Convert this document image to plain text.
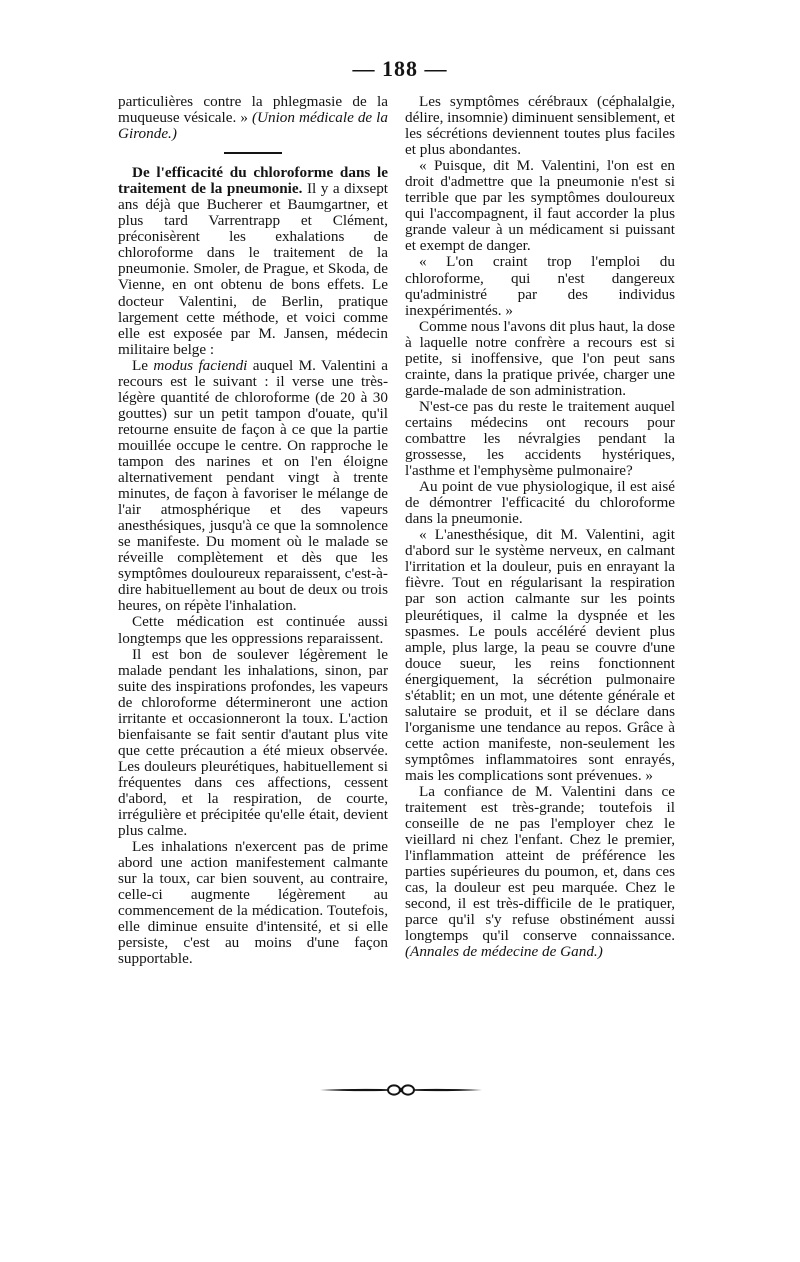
— 188 —

particulières contre la phlegmasie de la muqueuse vésicale. » (Union médicale de la Gironde.)

De l'efficacité du chloroforme dans le traitement de la pneumonie. Il y a dixsept ans déjà que Bucherer et Baumgartner, et plus tard Varrentrapp et Clément, préconisèrent les exhalations de chloroforme dans le traitement de la pneumonie. Smoler, de Prague, et Skoda, de Vienne, en ont obtenu de bons effets. Le docteur Valentini, de Berlin, pratique largement cette méthode, et voici comme elle est exposée par M. Jansen, médecin militaire belge :

Le modus faciendi auquel M. Valentini a recours est le suivant : il verse une très-légère quantité de chloroforme (de 20 à 30 gouttes) sur un petit tampon d'ouate, qu'il retourne ensuite de façon à ce que la partie mouillée occupe le centre. On rapproche le tampon des narines et on l'en éloigne alternativement pendant vingt à trente minutes, de façon à favoriser le mélange de l'air atmosphérique et des vapeurs anesthésiques, jusqu'à ce que la somnolence se manifeste. Du moment où le malade se réveille complètement et dès que les symptômes douloureux reparaissent, c'est-à-dire habituellement au bout de deux ou trois heures, on répète l'inhalation.

Cette médication est continuée aussi longtemps que les oppressions reparaissent.

Il est bon de soulever légèrement le malade pendant les inhalations, sinon, par suite des inspirations profondes, les vapeurs de chloroforme détermineront une action irritante et occasionneront la toux. L'action bienfaisante se fait sentir d'autant plus vite que cette précaution a été mieux observée. Les douleurs pleurétiques, habituellement si fréquentes dans ces affections, cessent d'abord, et la respiration, de courte, irrégulière et précipitée qu'elle était, devient plus calme.

Les inhalations n'exercent pas de prime abord une action manifestement calmante sur la toux, car bien souvent, au contraire, celle-ci augmente légèrement au commencement de la médication. Toutefois, elle diminue ensuite d'intensité, et si elle persiste, c'est au moins d'une façon supportable.

Les symptômes cérébraux (céphalalgie, délire, insomnie) diminuent sensiblement, et les sécrétions deviennent toutes plus faciles et plus abondantes.

« Puisque, dit M. Valentini, l'on est en droit d'admettre que la pneumonie n'est si terrible que par les symptômes douloureux qui l'accompagnent, il faut accorder la plus grande valeur à un médicament si puissant et exempt de danger.

« L'on craint trop l'emploi du chloroforme, qui n'est dangereux qu'administré par des individus inexpérimentés. »

Comme nous l'avons dit plus haut, la dose à laquelle notre confrère a recours est si petite, si inoffensive, que l'on peut sans crainte, dans la pratique privée, charger une garde-malade de son administration.

N'est-ce pas du reste le traitement auquel certains médecins ont recours pour combattre les névralgies pendant la grossesse, les accidents hystériques, l'asthme et l'emphysème pulmonaire?

Au point de vue physiologique, il est aisé de démontrer l'efficacité du chloroforme dans la pneumonie.

« L'anesthésique, dit M. Valentini, agit d'abord sur le système nerveux, en calmant l'irritation et la douleur, puis en enrayant la fièvre. Tout en régularisant la respiration par son action calmante sur les points pleurétiques, il calme la dyspnée et les spasmes. Le pouls accéléré devient plus ample, plus large, la peau se couvre d'une douce sueur, les reins fonctionnent énergiquement, la sécrétion pulmonaire s'établit; en un mot, une détente générale et salutaire se produit, et il se déclare dans l'organisme une tendance au repos. Grâce à cette action manifeste, non-seulement les symptômes inflammatoires sont enrayés, mais les complications sont prévenues. »

La confiance de M. Valentini dans ce traitement est très-grande; toutefois il conseille de ne pas l'employer chez le vieillard ni chez l'enfant. Chez le premier, l'inflammation atteint de préférence les parties supérieures du poumon, et, dans ces cas, la douleur est peu marquée. Chez le second, il est très-difficile de le pratiquer, parce qu'il s'y refuse obstinément aussi longtemps qu'il conserve connaissance. (Annales de médecine de Gand.)
